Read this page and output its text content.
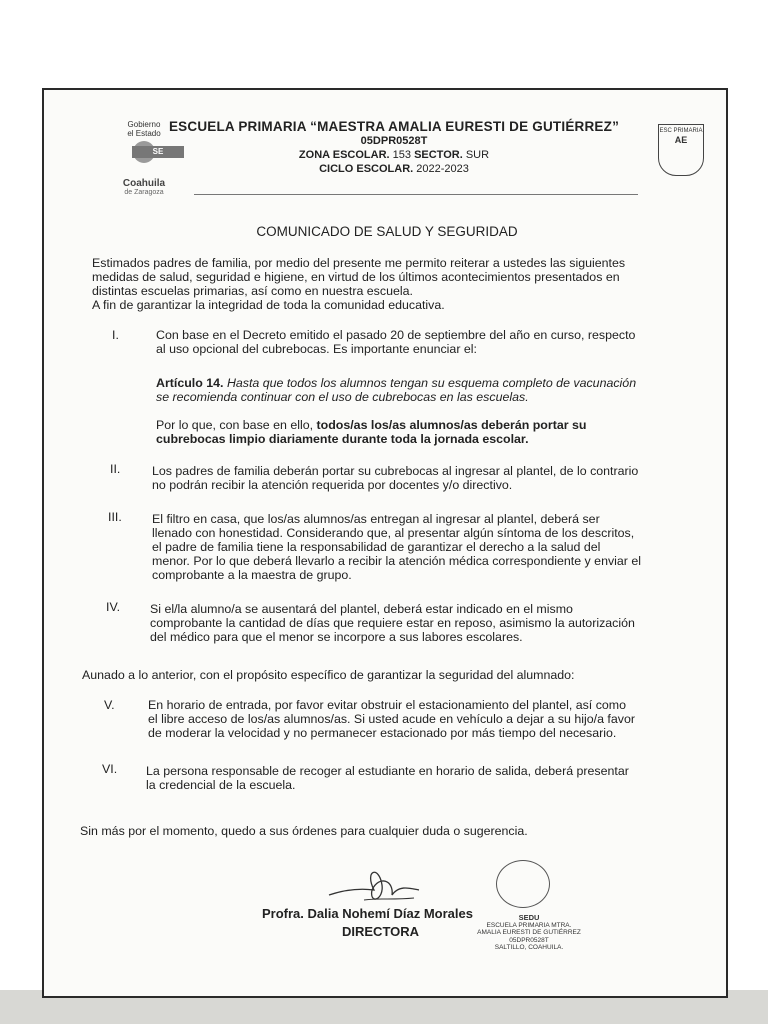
Gobierno
el Estado
Coahuila
de Zaragoza
SE
ESCUELA PRIMARIA “MAESTRA AMALIA EURESTI DE GUTIÉRREZ”
05DPR0528T
ZONA ESCOLAR. 153 SECTOR. SUR
CICLO ESCOLAR. 2022-2023
ESC PRIMARIA
AE
COMUNICADO DE SALUD Y SEGURIDAD
Estimados padres de familia, por medio del presente me permito reiterar a ustedes las siguientes
medidas de salud, seguridad e higiene, en virtud de los últimos acontecimientos presentados en
distintas escuelas primarias, así como en nuestra escuela.
A fin de garantizar la integridad de toda la comunidad educativa.
I.	Con base en el Decreto emitido el pasado 20 de septiembre del año en curso, respecto
al uso opcional del cubrebocas. Es importante enunciar el:
Artículo 14. Hasta que todos los alumnos tengan su esquema completo de vacunación
se recomienda continuar con el uso de cubrebocas en las escuelas.
Por lo que, con base en ello, todos/as los/as alumnos/as deberán portar su
cubrebocas limpio diariamente durante toda la jornada escolar.
II.	Los padres de familia deberán portar su cubrebocas al ingresar al plantel, de lo contrario
no podrán recibir la atención requerida por docentes y/o directivo.
III.	El filtro en casa, que los/as alumnos/as entregan al ingresar al plantel, deberá ser
llenado con honestidad. Considerando que, al presentar algún síntoma de los descritos,
el padre de familia tiene la responsabilidad de garantizar el derecho a la salud del
menor. Por lo que deberá llevarlo a recibir la atención médica correspondiente y enviar el
comprobante a la maestra de grupo.
IV.	Si el/la alumno/a se ausentará del plantel, deberá estar indicado en el mismo
comprobante la cantidad de días que requiere estar en reposo, asimismo la autorización
del médico para que el menor se incorpore a sus labores escolares.
Aunado a lo anterior, con el propósito específico de garantizar la seguridad del alumnado:
V.	En horario de entrada, por favor evitar obstruir el estacionamiento del plantel, así como
el libre acceso de los/as alumnos/as. Si usted acude en vehículo a dejar a su hijo/a favor
de moderar la velocidad y no permanecer estacionado por más tiempo del necesario.
VI.	La persona responsable de recoger al estudiante en horario de salida, deberá presentar
la credencial de la escuela.
Sin más por el momento, quedo a sus órdenes para cualquier duda o sugerencia.
Profra. Dalia Nohemí Díaz Morales
DIRECTORA
SEDU
ESCUELA PRIMARIA MTRA.
AMALIA EURESTI DE GUTIÉRREZ
05DPR0528T
SALTILLO, COAHUILA.
